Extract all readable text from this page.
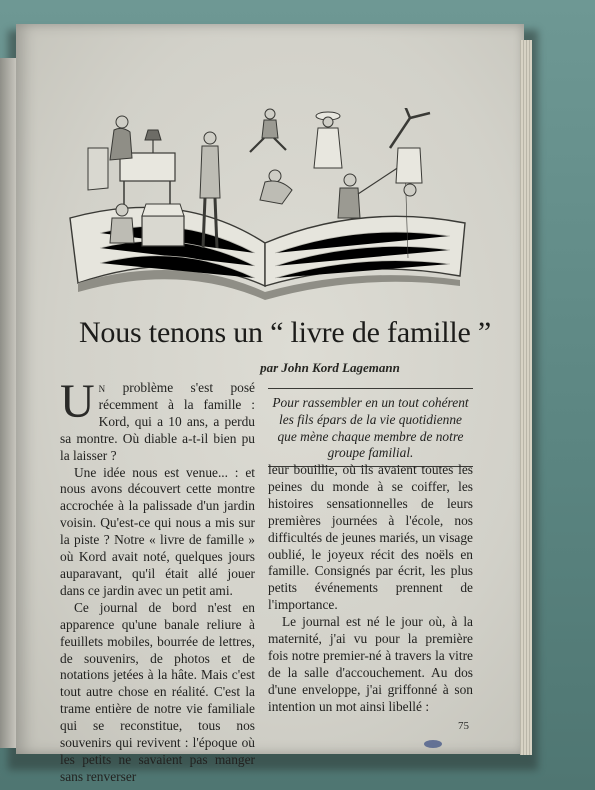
Nous tenons un “ livre de famille ”
par John Kord Lagemann

Un problème s'est posé récemment à la famille : Kord, qui a 10 ans, a perdu sa montre. Où diable a-t-il bien pu la laisser ?

Une idée nous est venue... : et nous avons découvert cette montre accrochée à la palissade d'un jardin voisin. Qu'est-ce qui nous a mis sur la piste ? Notre « livre de famille » où Kord avait noté, quelques jours auparavant, qu'il était allé jouer dans ce jardin avec un petit ami.

Ce journal de bord n'est en apparence qu'une banale reliure à feuillets mobiles, bourrée de lettres, de souvenirs, de photos et de notations jetées à la hâte. Mais c'est tout autre chose en réalité. C'est la trame entière de notre vie familiale qui se reconstitue, tous nos souvenirs qui revivent : l'époque où les petits ne savaient pas manger sans renverser

Pour rassembler en un tout cohérent les fils épars de la vie quotidienne que mène chaque membre de notre groupe familial.

leur bouillie, où ils avaient toutes les peines du monde à se coiffer, les histoires sensationnelles de leurs premières journées à l'école, nos difficultés de jeunes mariés, un visage oublié, le joyeux récit des noëls en famille. Consignés par écrit, les plus petits événements prennent de l'importance.

Le journal est né le jour où, à la maternité, j'ai vu pour la première fois notre premier-né à travers la vitre de la salle d'accouchement. Au dos d'une enveloppe, j'ai griffonné à son intention un mot ainsi libellé :

75
